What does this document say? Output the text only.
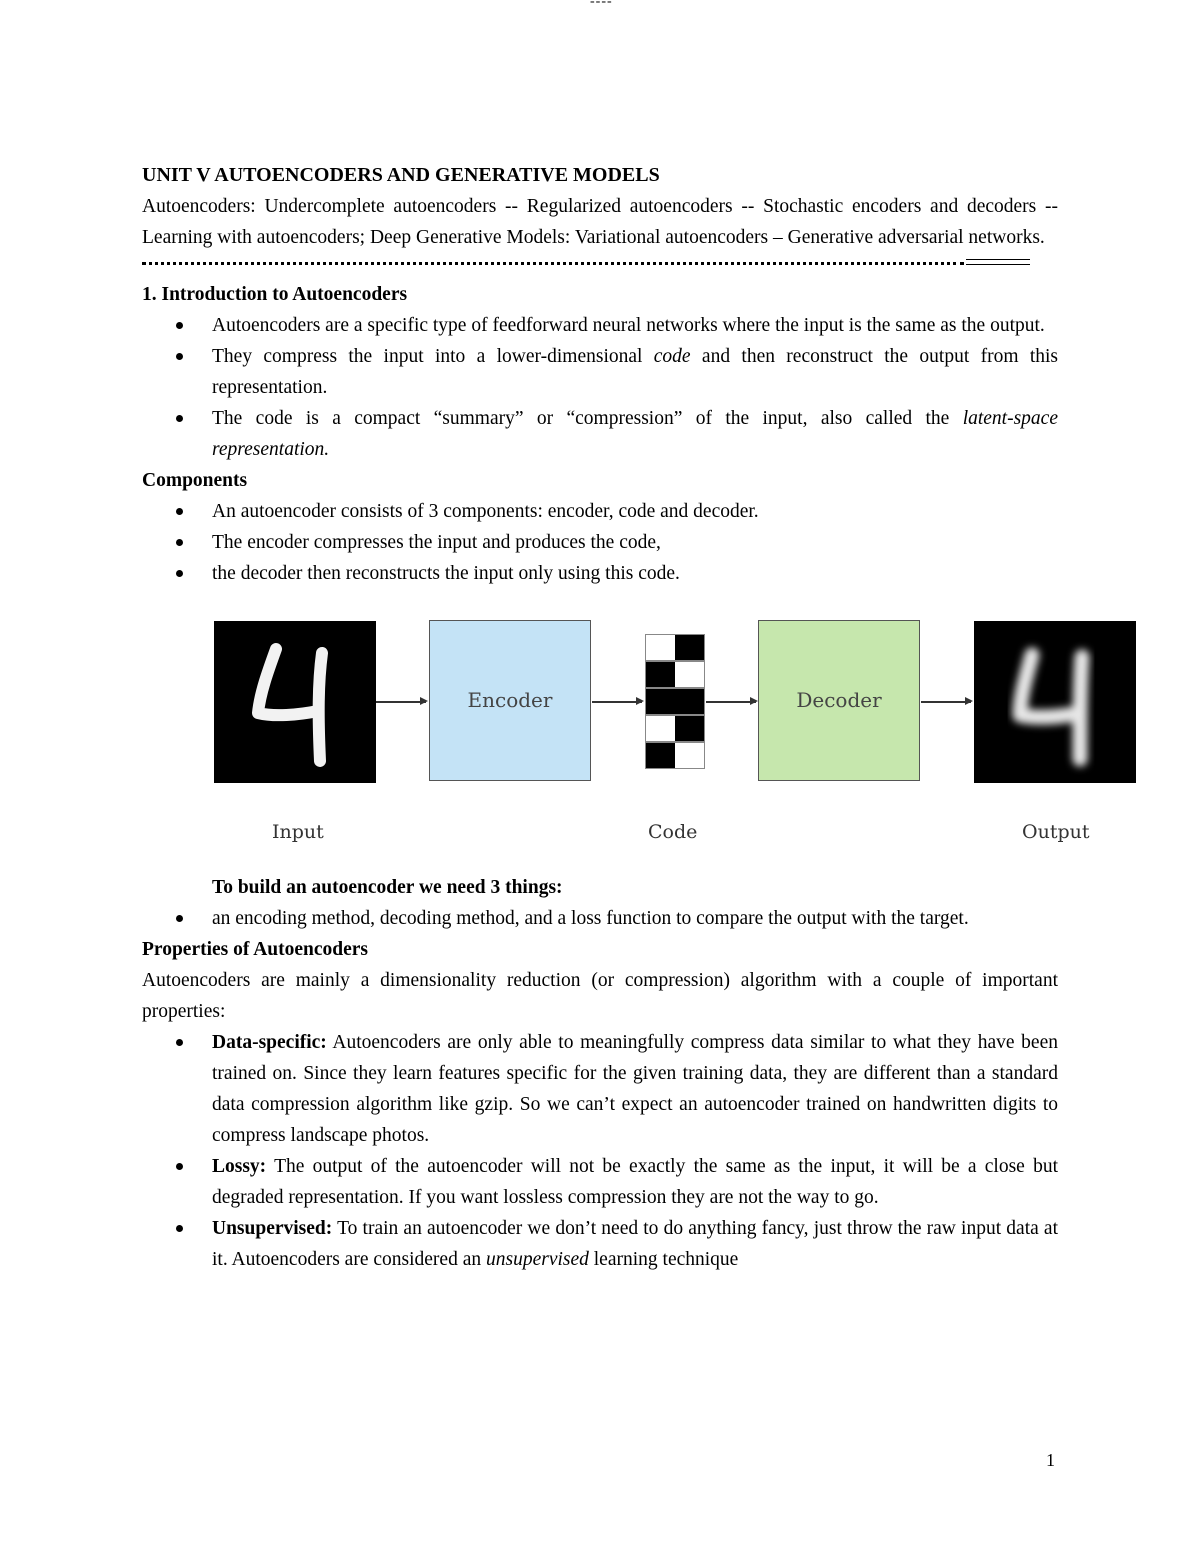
----

UNIT V AUTOENCODERS AND GENERATIVE MODELS

Autoencoders: Undercomplete autoencoders -- Regularized autoencoders -- Stochastic encoders and decoders -- Learning with autoencoders; Deep Generative Models: Variational autoencoders – Generative adversarial networks.

1. Introduction to Autoencoders

Autoencoders are a specific type of feedforward neural networks where the input is the same as the output.
They compress the input into a lower-dimensional code and then reconstruct the output from this representation.
The code is a compact “summary” or “compression” of the input, also called the latent-space representation.

Components

An autoencoder consists of 3 components: encoder, code and decoder.
The encoder compresses the input and produces the code,
the decoder then reconstructs the input only using this code.
Encoder	Decoder
Input	Code	Output

To build an autoencoder we need 3 things:

an encoding method, decoding method, and a loss function to compare the output with the target.

Properties of Autoencoders

Autoencoders are mainly a dimensionality reduction (or compression) algorithm with a couple of important properties:

Data-specific: Autoencoders are only able to meaningfully compress data similar to what they have been trained on. Since they learn features specific for the given training data, they are different than a standard data compression algorithm like gzip. So we can’t expect an autoencoder trained on handwritten digits to compress landscape photos.
Lossy: The output of the autoencoder will not be exactly the same as the input, it will be a close but degraded representation. If you want lossless compression they are not the way to go.
Unsupervised: To train an autoencoder we don’t need to do anything fancy, just throw the raw input data at it. Autoencoders are considered an unsupervised learning technique
1
